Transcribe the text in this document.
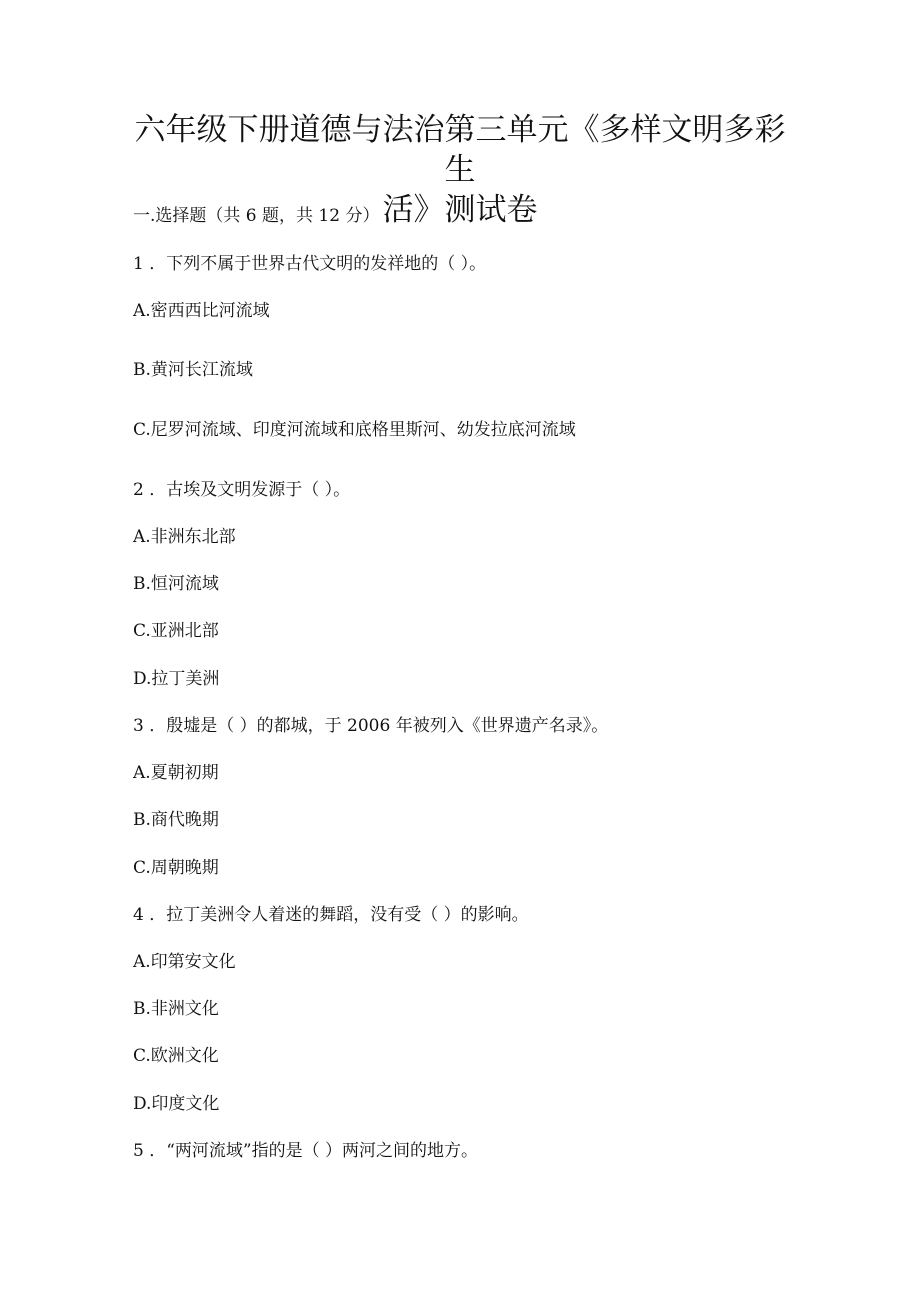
六年级下册道德与法治第三单元《多样文明多彩生
活》测试卷
一.选择题（共 6 题，共 12 分）
1 ．下列不属于世界古代文明的发祥地的（ ）。
A.密西西比河流域
B.黄河长江流域
C.尼罗河流域、印度河流域和底格里斯河、幼发拉底河流域
2 ．古埃及文明发源于（ ）。
A.非洲东北部
B.恒河流域
C.亚洲北部
D.拉丁美洲
3 ．殷墟是（ ）的都城，于 2006 年被列入《世界遗产名录》。
A.夏朝初期
B.商代晚期
C.周朝晚期
4 ．拉丁美洲令人着迷的舞蹈，没有受（ ）的影响。
A.印第安文化
B.非洲文化
C.欧洲文化
D.印度文化
5 ．“两河流域”指的是（ ）两河之间的地方。
